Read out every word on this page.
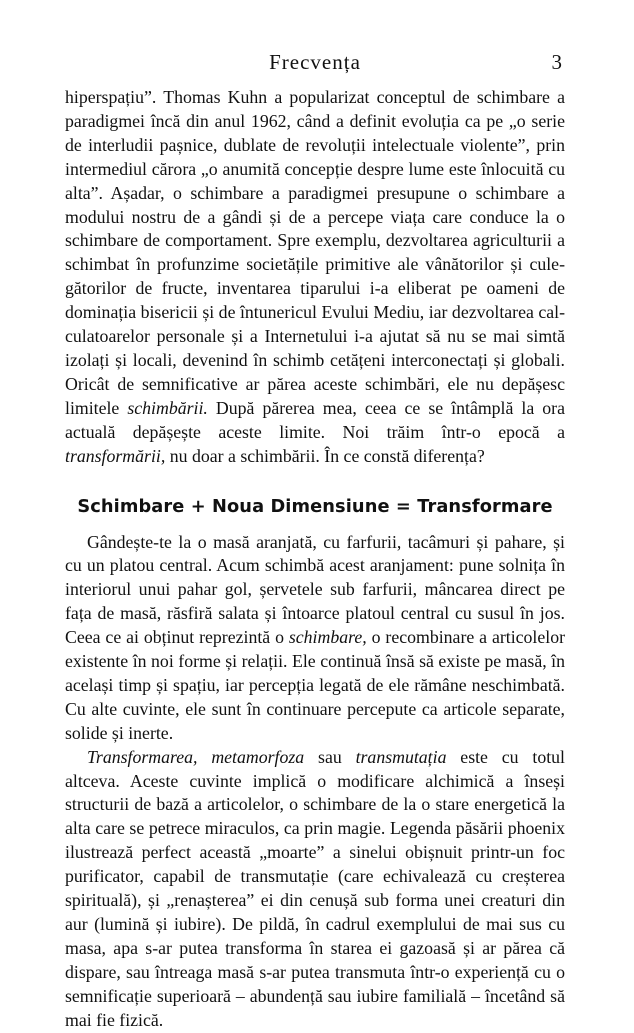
Frecvența	3

hiperspațiu”. Thomas Kuhn a popularizat conceptul de schimbare a paradigmei încă din anul 1962, când a definit evoluția ca pe „o serie de interludii pașnice, dublate de revoluții intelectuale violente”, prin intermediul cărora „o anumită concepție despre lume este înlocuită cu alta”. Așadar, o schimbare a paradigmei presupune o schimbare a modului nostru de a gândi și de a percepe viața care conduce la o schimbare de comportament. Spre exemplu, dezvoltarea agriculturii a schimbat în profunzime societățile primitive ale vânătorilor și culegătorilor de fructe, inventarea tiparului i-a eliberat pe oameni de dominația bisericii și de întunericul Evului Mediu, iar dezvoltarea calculatoarelor personale și a Internetului i-a ajutat să nu se mai simtă izolați și locali, devenind în schimb cetățeni interconectați și globali. Oricât de semnificative ar părea aceste schimbări, ele nu depășesc limitele schimbării. După părerea mea, ceea ce se întâmplă la ora actuală depășește aceste limite. Noi trăim într-o epocă a transformării, nu doar a schimbării. În ce constă diferența?

Schimbare + Noua Dimensiune = Transformare

Gândește-te la o masă aranjată, cu farfurii, tacâmuri și pahare, și cu un platou central. Acum schimbă acest aranjament: pune solnița în interiorul unui pahar gol, șervetele sub farfurii, mâncarea direct pe fața de masă, răsfiră salata și întoarce platoul central cu susul în jos. Ceea ce ai obținut reprezintă o schimbare, o recombinare a articolelor existente în noi forme și relații. Ele continuă însă să existe pe masă, în același timp și spațiu, iar percepția legată de ele rămâne neschimbată. Cu alte cuvinte, ele sunt în continuare percepute ca articole separate, solide și inerte.

Transformarea, metamorfoza sau transmutația este cu totul altceva. Aceste cuvinte implică o modificare alchimică a înseși structurii de bază a articolelor, o schimbare de la o stare energetică la alta care se petrece miraculos, ca prin magie. Legenda păsării phoenix ilustrează perfect această „moarte” a sinelui obișnuit printr-un foc purificator, capabil de transmutație (care echivalează cu creșterea spirituală), și „renașterea” ei din cenușă sub forma unei creaturi din aur (lumină și iubire). De pildă, în cadrul exemplului de mai sus cu masa, apa s-ar putea transforma în starea ei gazoasă și ar părea că dispare, sau întreaga masă s-ar putea transmuta într-o experiență cu o semnificație superioară – abundență sau iubire familială – încetând să mai fie fizică.
